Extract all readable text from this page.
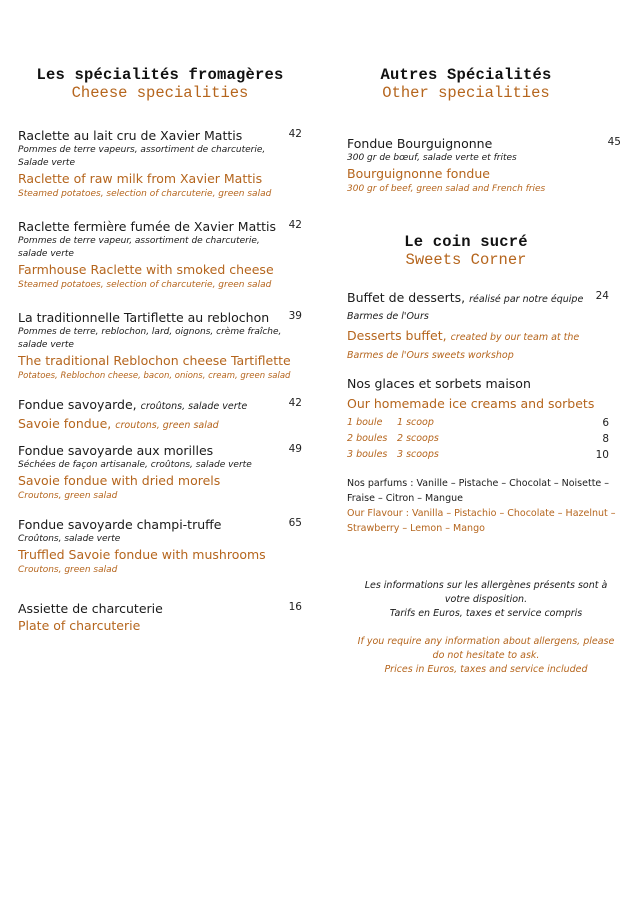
Les spécialités fromagères
Cheese specialities
Raclette au lait cru de Xavier Mattis	42
Pommes de terre vapeurs, assortiment de charcuterie, Salade verte
Raclette of raw milk from Xavier Mattis
Steamed potatoes, selection of charcuterie, green salad
Raclette fermière fumée de Xavier Mattis	42
Pommes de terre vapeur, assortiment de charcuterie, salade verte
Farmhouse Raclette with smoked cheese
Steamed potatoes, selection of charcuterie, green salad
La traditionnelle Tartiflette au reblochon	39
Pommes de terre, reblochon, lard, oignons, crème fraîche, salade verte
The traditional Reblochon cheese Tartiflette
Potatoes, Reblochon cheese, bacon, onions, cream, green salad
Fondue savoyarde, croûtons, salade verte	42
Savoie fondue, croutons, green salad
Fondue savoyarde aux morilles	49
Séchées de façon artisanale, croûtons, salade verte
Savoie fondue with dried morels
Croutons, green salad
Fondue savoyarde champi-truffe	65
Croûtons, salade verte
Truffled Savoie fondue with mushrooms
Croutons, green salad
Assiette de charcuterie	16
Plate of charcuterie
Autres Spécialités
Other specialities
Fondue Bourguignonne	45
300 gr de bœuf, salade verte et frites
Bourguignonne fondue
300 gr of beef, green salad and French fries
Le coin sucré
Sweets Corner
Buffet de desserts, réalisé par notre équipe	24
Barmes de l'Ours
Desserts buffet, created by our team at the
Barmes de l'Ours sweets workshop
Nos glaces et sorbets maison
Our homemade ice creams and sorbets
1 boule	1 scoop	6
2 boules	2 scoops	8
3 boules	3 scoops	10
Nos parfums : Vanille – Pistache – Chocolat – Noisette – Fraise – Citron – Mangue
Our Flavour : Vanilla – Pistachio – Chocolate – Hazelnut – Strawberry – Lemon – Mango
Les informations sur les allergènes présents sont à votre disposition.
Tarifs en Euros, taxes et service compris
If you require any information about allergens, please do not hesitate to ask.
Prices in Euros, taxes and service included
